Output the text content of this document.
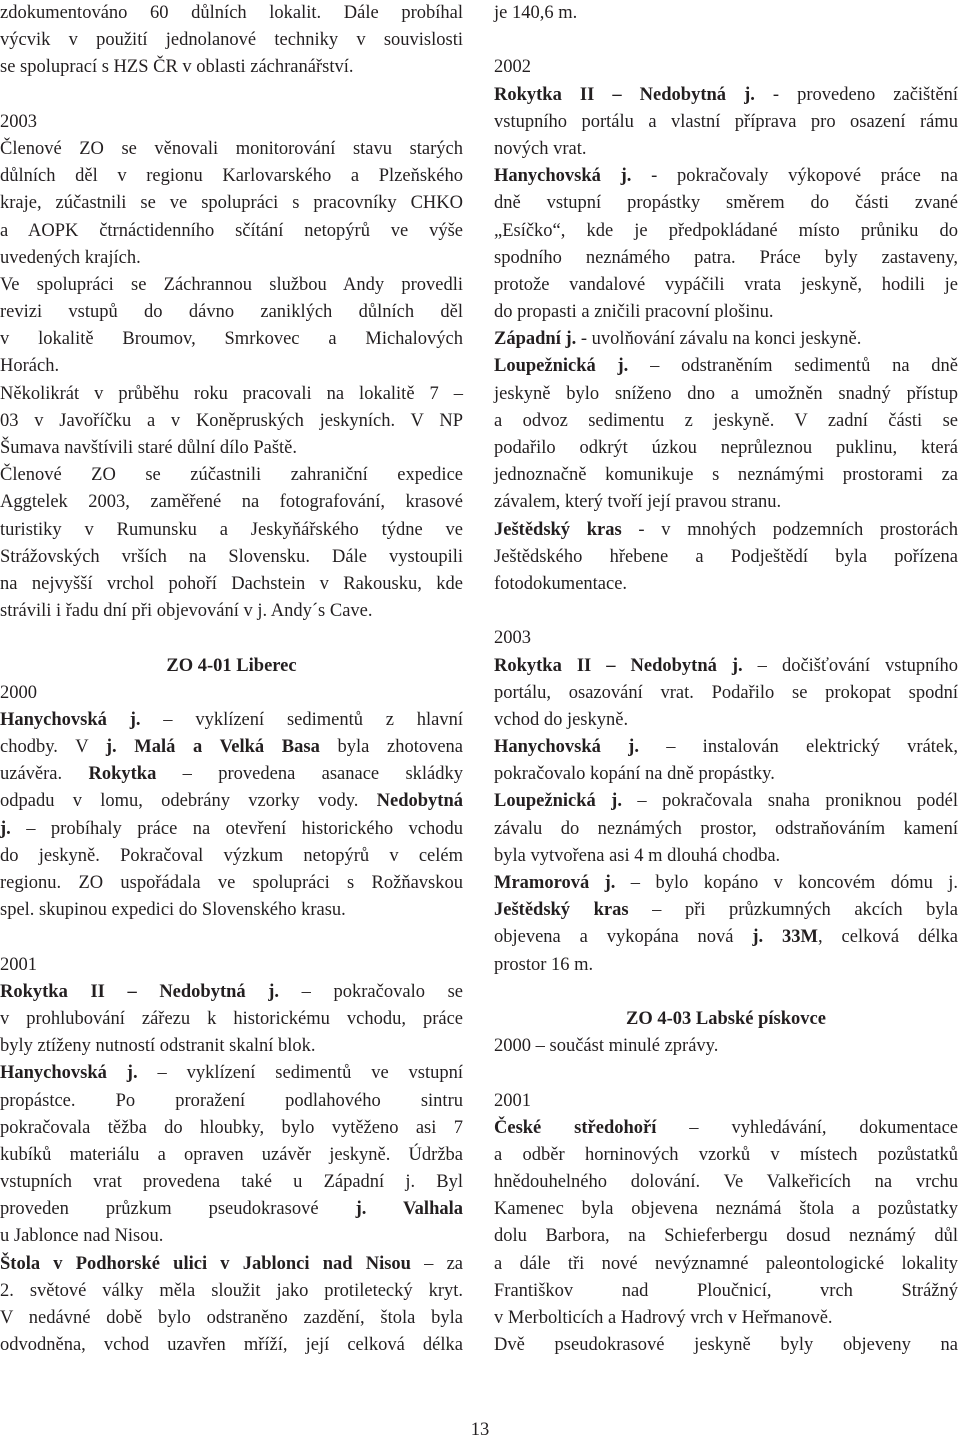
zdokumentováno 60 důlních lokalit. Dále probíhal
výcvik v použití jednolanové techniky v souvislosti
se spoluprací s HZS ČR v oblasti záchranářství.
2003
Členové ZO se věnovali monitorování stavu starých
důlních děl v regionu Karlovarského a Plzeňského
kraje, zúčastnili se ve spolupráci s pracovníky CHKO
a AOPK čtrnáctidenního sčítání netopýrů ve výše
uvedených krajích.
Ve spolupráci se Záchrannou službou Andy provedli
revizi vstupů do dávno zaniklých důlních děl
v lokalitě Broumov, Smrkovec a Michalových
Horách.
Několikrát v průběhu roku pracovali na lokalitě 7 –
03 v Javoříčku a v Koněpruských jeskyních. V NP
Šumava navštívili staré důlní dílo Paště.
Členové ZO se zúčastnili zahraniční expedice
Aggtelek 2003, zaměřené na fotografování, krasové
turistiky v Rumunsku a Jeskyňářského týdne ve
Strážovských vrších na Slovensku. Dále vystoupili
na nejvyšší vrchol pohoří Dachstein v Rakousku, kde
strávili i řadu dní při objevování v j. Andy´s Cave.
ZO 4-01 Liberec
2000
Hanychovská j. – vyklízení sedimentů z hlavní
chodby. V j. Malá a Velká Basa byla zhotovena
uzávěra. Rokytka – provedena asanace skládky
odpadu v lomu, odebrány vzorky vody. Nedobytná
j. – probíhaly práce na otevření historického vchodu
do jeskyně. Pokračoval výzkum netopýrů v celém
regionu. ZO uspořádala ve spolupráci s Rožňavskou
spel. skupinou expedici do Slovenského krasu.
2001
Rokytka II – Nedobytná j. – pokračovalo se
v prohlubování zářezu k historickému vchodu, práce
byly ztíženy nutností odstranit skalní blok.
Hanychovská j. – vyklízení sedimentů ve vstupní
propástce. Po proražení podlahového sintru
pokračovala těžba do hloubky, bylo vytěženo asi 7
kubíků materiálu a opraven uzávěr jeskyně. Údržba
vstupních vrat provedena také u Západní j. Byl
proveden průzkum pseudokrasové j. Valhala
u Jablonce nad Nisou.
Štola v Podhorské ulici v Jablonci nad Nisou – za
2. světové války měla sloužit jako protiletecký kryt.
V nedávné době bylo odstraněno zazdění, štola byla
odvodněna, vchod uzavřen mříží, její celková délka
je 140,6 m.
2002
Rokytka II – Nedobytná j. - provedeno začištění
vstupního portálu a vlastní příprava pro osazení rámu
nových vrat.
Hanychovská j. - pokračovaly výkopové práce na
dně vstupní propástky směrem do části zvané
„Esíčko“, kde je předpokládané místo průniku do
spodního neznámého patra. Práce byly zastaveny,
protože vandalové vypáčili vrata jeskyně, hodili je
do propasti a zničili pracovní plošinu.
Západní j. - uvolňování závalu na konci jeskyně.
Loupežnická j. – odstraněním sedimentů na dně
jeskyně bylo sníženo dno a umožněn snadný přístup
a odvoz sedimentu z jeskyně. V zadní části se
podařilo odkrýt úzkou neprůleznou puklinu, která
jednoznačně komunikuje s neznámými prostorami za
závalem, který tvoří její pravou stranu.
Ještědský kras - v mnohých podzemních prostorách
Ještědského hřebene a Podještědí byla pořízena
fotodokumentace.
2003
Rokytka II – Nedobytná j. – dočišťování vstupního
portálu, osazování vrat. Podařilo se prokopat spodní
vchod do jeskyně.
Hanychovská j. – instalován elektrický vrátek,
pokračovalo kopání na dně propástky.
Loupežnická j. – pokračovala snaha proniknou podél
závalu do neznámých prostor, odstraňováním kamení
byla vytvořena asi 4 m dlouhá chodba.
Mramorová j. – bylo kopáno v koncovém dómu j.
Ještědský kras – při průzkumných akcích byla
objevena a vykopána nová j. 33M, celková délka
prostor 16 m.
ZO 4-03 Labské pískovce
2000 – součást minulé zprávy.
2001
České středohoří – vyhledávání, dokumentace
a odběr horninových vzorků v místech pozůstatků
hnědouhelného dolování. Ve Valkeřicích na vrchu
Kamenec byla objevena neznámá štola a pozůstatky
dolu Barbora, na Schieferbergu dosud neznámý důl
a dále tři nové nevýznamné paleontologické lokality
Františkov nad Ploučnicí, vrch Strážný
v Merbolticích a Hadrový vrch v Heřmanově.
Dvě pseudokrasové jeskyně byly objeveny na
13
